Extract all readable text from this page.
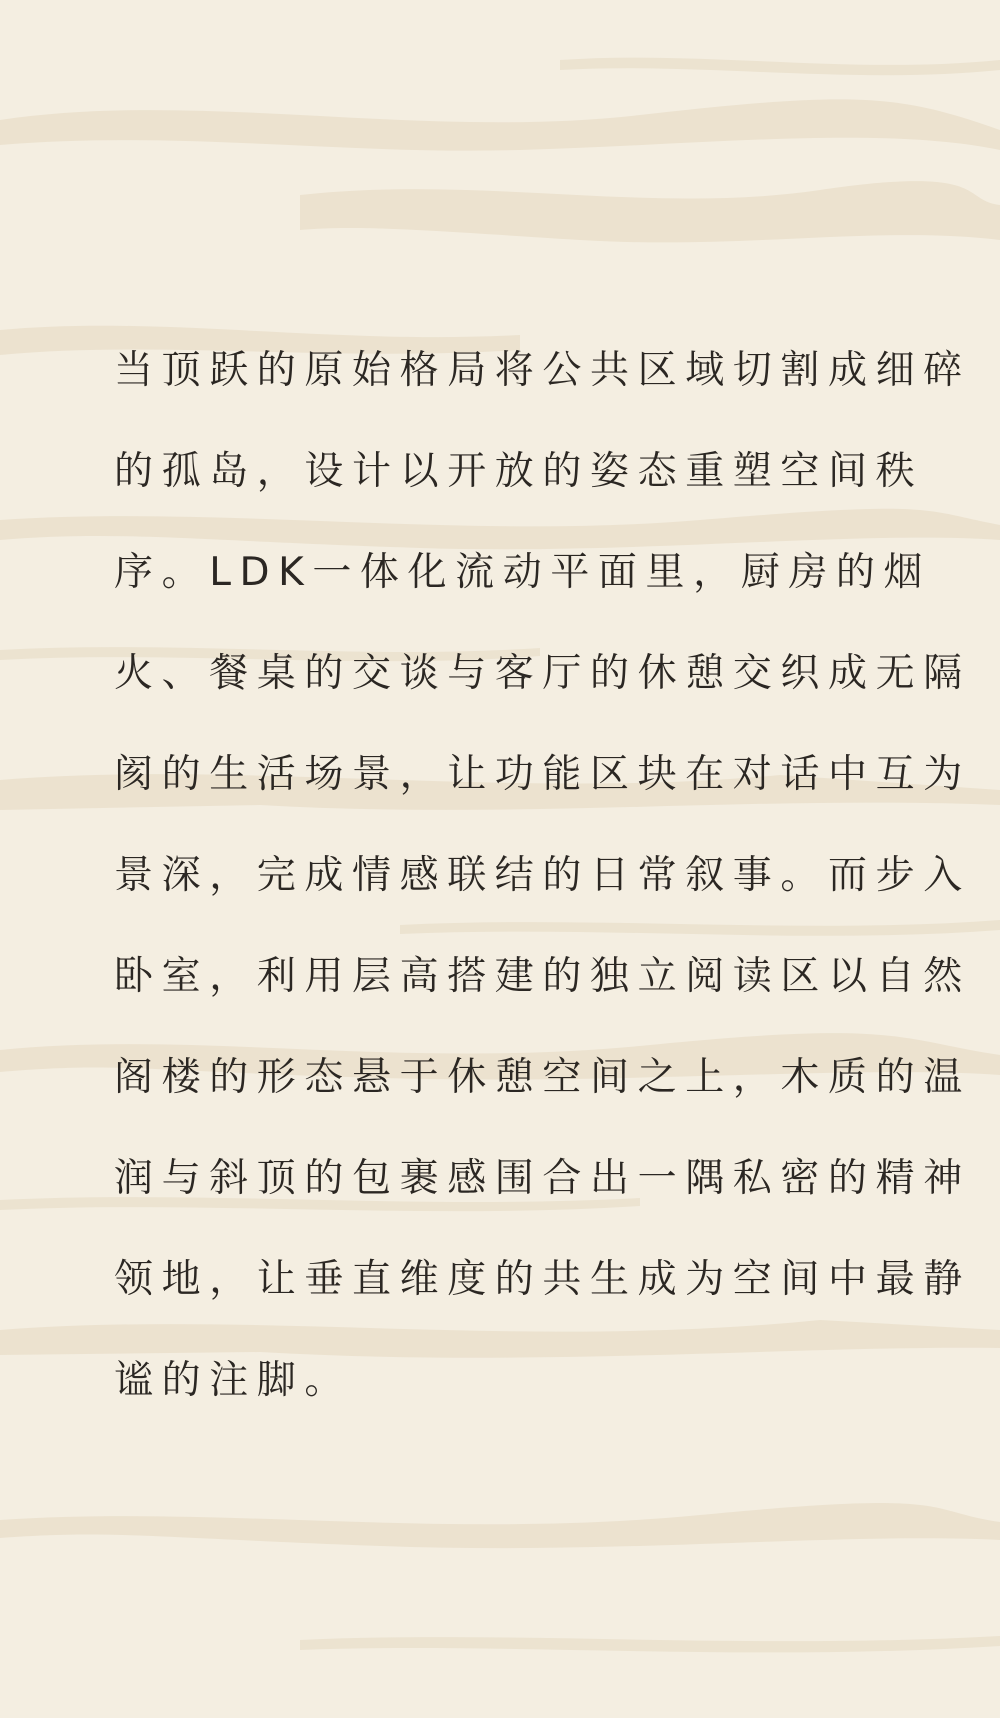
当顶跃的原始格局将公共区域切割成细碎
的孤岛，设计以开放的姿态重塑空间秩
序。LDK一体化流动平面里，厨房的烟
火、餐桌的交谈与客厅的休憩交织成无隔
阂的生活场景，让功能区块在对话中互为
景深，完成情感联结的日常叙事。而步入
卧室，利用层高搭建的独立阅读区以自然
阁楼的形态悬于休憩空间之上，木质的温
润与斜顶的包裹感围合出一隅私密的精神
领地，让垂直维度的共生成为空间中最静
谧的注脚。
